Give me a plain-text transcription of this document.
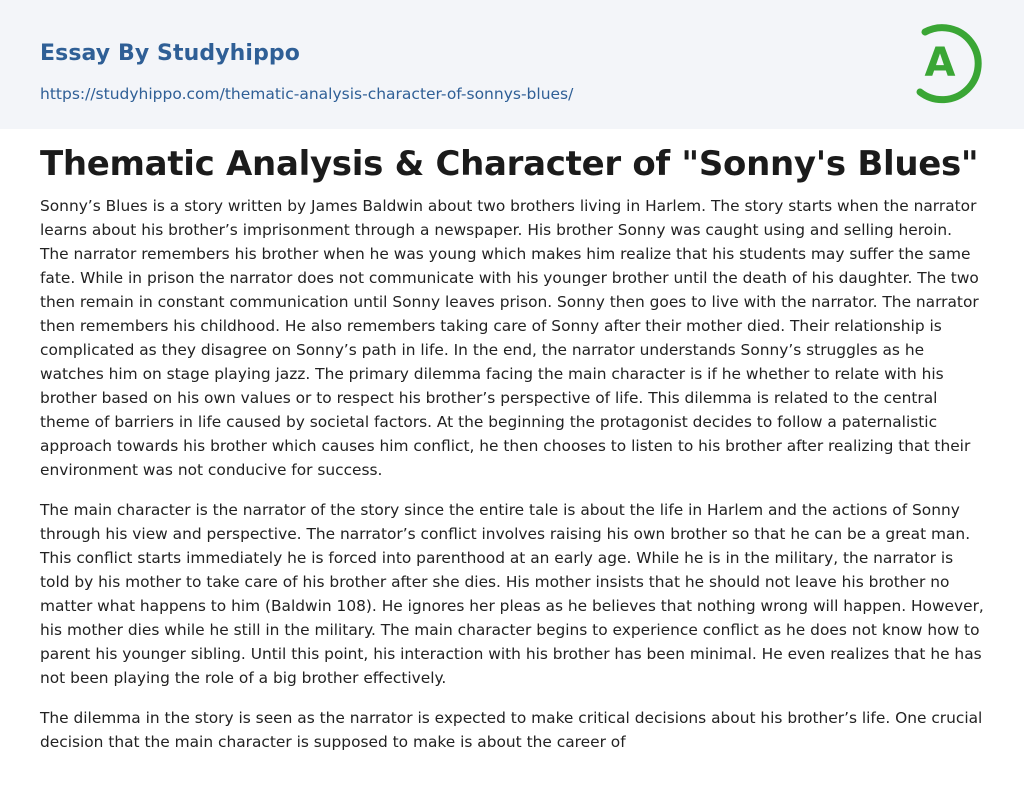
Essay By Studyhippo
https://studyhippo.com/thematic-analysis-character-of-sonnys-blues/
A
Thematic Analysis & Character of "Sonny's Blues"

Sonny’s Blues is a story written by James Baldwin about two brothers living in Harlem. The story starts when the narrator learns about his brother’s imprisonment through a newspaper. His brother Sonny was caught using and selling heroin. The narrator remembers his brother when he was young which makes him realize that his students may suffer the same fate. While in prison the narrator does not communicate with his younger brother until the death of his daughter. The two then remain in constant communication until Sonny leaves prison. Sonny then goes to live with the narrator. The narrator then remembers his childhood. He also remembers taking care of Sonny after their mother died. Their relationship is complicated as they disagree on Sonny’s path in life. In the end, the narrator understands Sonny’s struggles as he watches him on stage playing jazz. The primary dilemma facing the main character is if he whether to relate with his brother based on his own values or to respect his brother’s perspective of life. This dilemma is related to the central theme of barriers in life caused by societal factors. At the beginning the protagonist decides to follow a paternalistic approach towards his brother which causes him conflict, he then chooses to listen to his brother after realizing that their environment was not conducive for success.

The main character is the narrator of the story since the entire tale is about the life in Harlem and the actions of Sonny through his view and perspective. The narrator’s conflict involves raising his own brother so that he can be a great man. This conflict starts immediately he is forced into parenthood at an early age. While he is in the military, the narrator is told by his mother to take care of his brother after she dies. His mother insists that he should not leave his brother no matter what happens to him (Baldwin 108). He ignores her pleas as he believes that nothing wrong will happen. However, his mother dies while he still in the military. The main character begins to experience conflict as he does not know how to parent his younger sibling. Until this point, his interaction with his brother has been minimal. He even realizes that he has not been playing the role of a big brother effectively.

The dilemma in the story is seen as the narrator is expected to make critical decisions about his brother’s life. One crucial decision that the main character is supposed to make is about the career of
